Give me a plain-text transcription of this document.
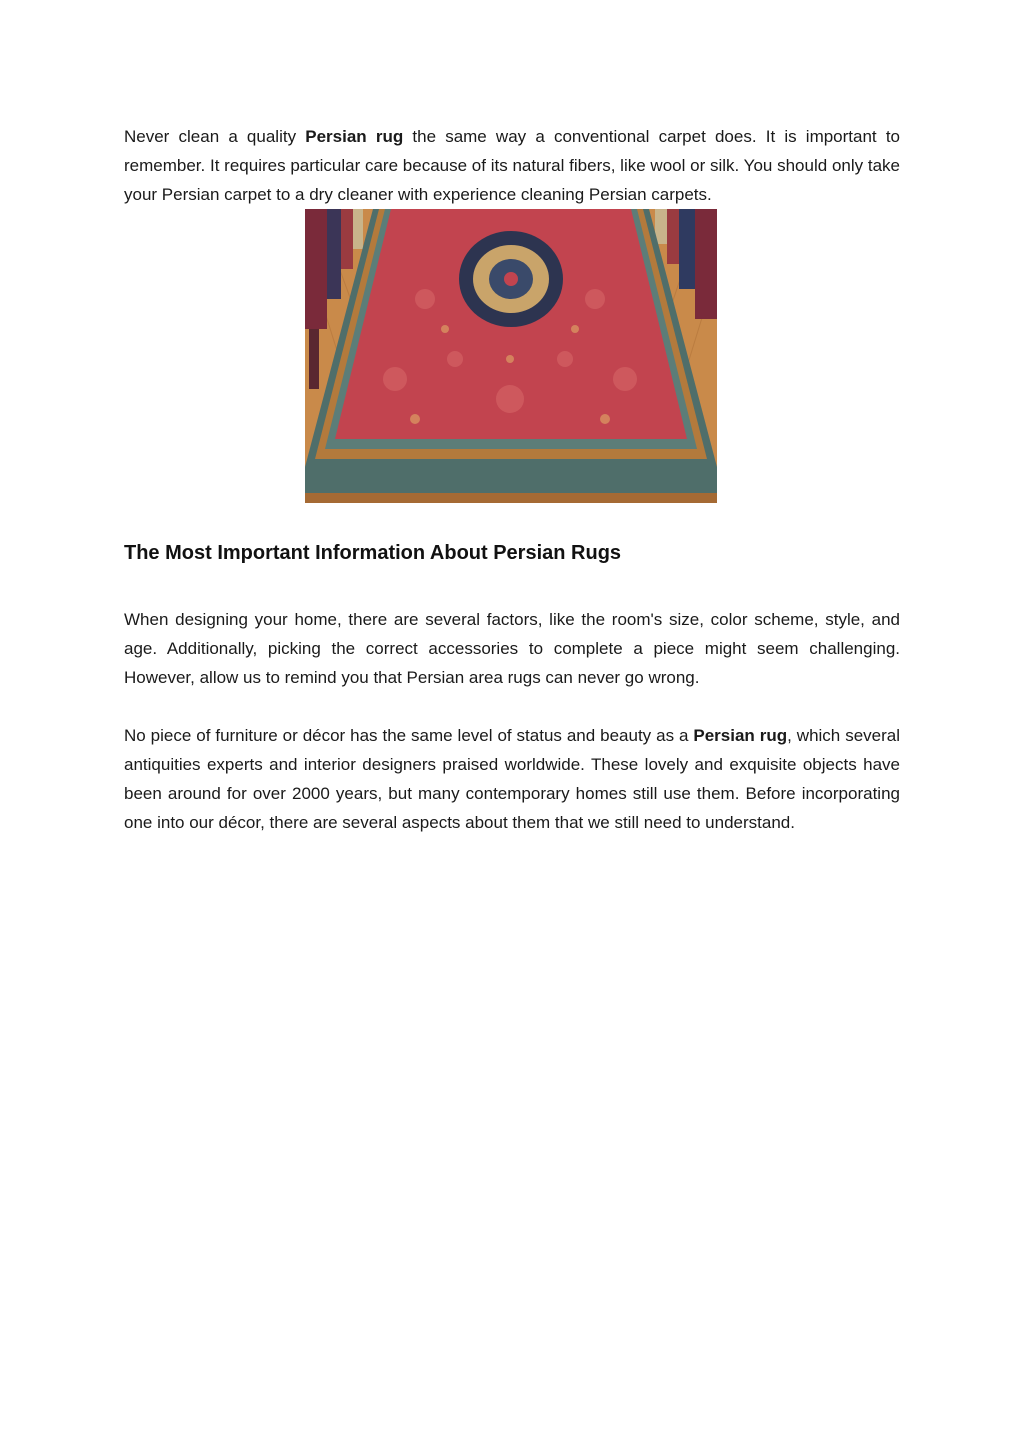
Never clean a quality Persian rug the same way a conventional carpet does. It is important to remember. It requires particular care because of its natural fibers, like wool or silk. You should only take your Persian carpet to a dry cleaner with experience cleaning Persian carpets.

The Most Important Information About Persian Rugs

When designing your home, there are several factors, like the room's size, color scheme, style, and age. Additionally, picking the correct accessories to complete a piece might seem challenging. However, allow us to remind you that Persian area rugs can never go wrong.

No piece of furniture or décor has the same level of status and beauty as a Persian rug, which several antiquities experts and interior designers praised worldwide. These lovely and exquisite objects have been around for over 2000 years, but many contemporary homes still use them. Before incorporating one into our décor, there are several aspects about them that we still need to understand.
